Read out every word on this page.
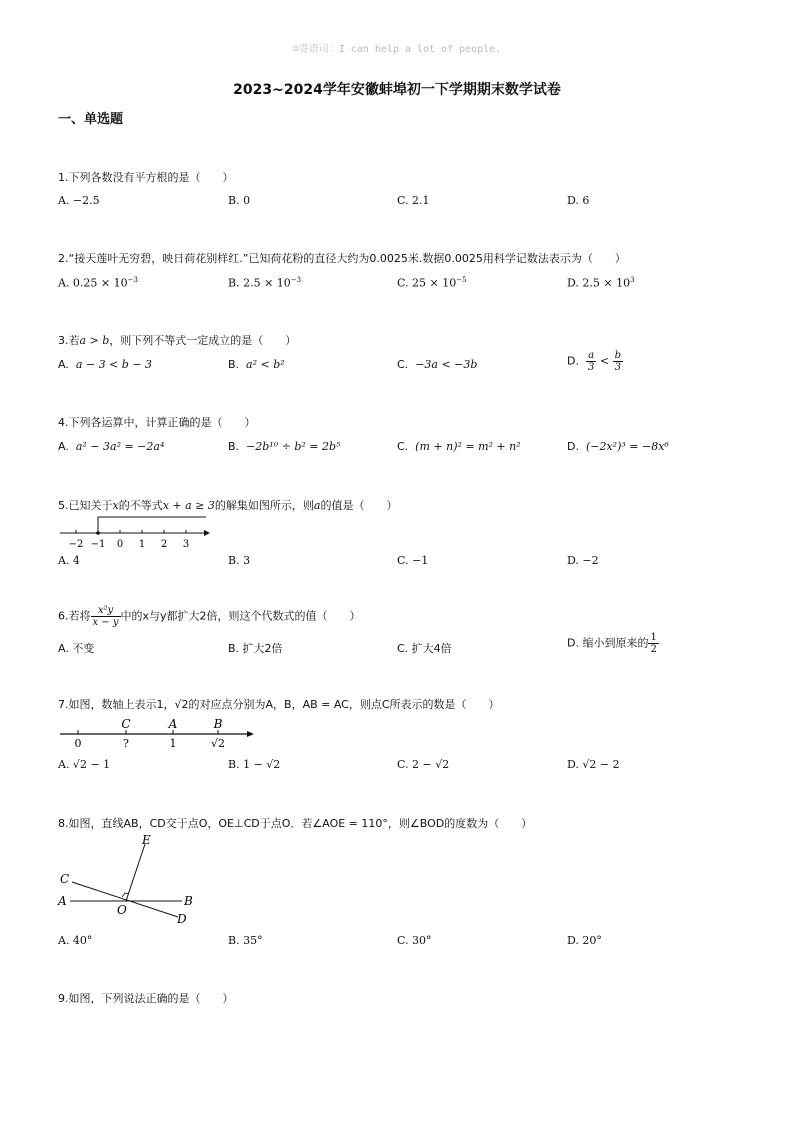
☺寄语司：I can help a lot of people.
2023~2024学年安徽蚌埠初一下学期期末数学试卷
一、单选题
1.下列各数没有平方根的是（　　）
A. −2.5	B. 0	C. 2.1	D. 6
2.“接天莲叶无穷碧，映日荷花别样红.”已知荷花粉的直径大约为0.0025米.数据0.0025用科学记数法表示为（　　）
A. $0.25 \times 10^{-3}$	B. $2.5 \times 10^{-3}$	C. $25 \times 10^{-5}$	D. $2.5 \times 10^3$
3.若a > b，则下列不等式一定成立的是（　　）
A.  a − 3 < b − 3	B.  a² < b²	C.  −3a < −3b	D. $\frac{a}{3} < \frac{b}{3}$
4.下列各运算中，计算正确的是（　　）
A.  a² − 3a² = −2a⁴	B.  −2b¹⁰ ÷ b² = 2b⁵	C.  (m + n)² = m² + n²	D.  (−2x²)³ = −8x⁶
5.已知关于x的不等式x + a ≥ 3的解集如图所示，则a的值是（　　）
−2 −1 0 1 2 3
A. 4	B. 3	C. −1	D. −2
6.若将 $\frac{\text{x²y}}{x - y}$ 中的x与y都扩大2倍，则这个代数式的值（　　）
A. 不变	B. 扩大2倍	C. 扩大4倍	D. 缩小到原来的 $\frac{1}{2}$
7.如图，数轴上表示1，√2的对应点分别为A，B，AB = AC，则点C所表示的数是（　　）
C	A	B
0	?	1	√2
A. √2 − 1	B. 1 − √2	C. 2 − √2	D. √2 − 2
8.如图，直线AB，CD交于点O，OE⊥CD于点O．若∠AOE = 110°，则∠BOD的度数为（　　）
E
C
A
O
B
D
A. 40°	B. 35°	C. 30°	D. 20°
9.如图，下列说法正确的是（　　）
